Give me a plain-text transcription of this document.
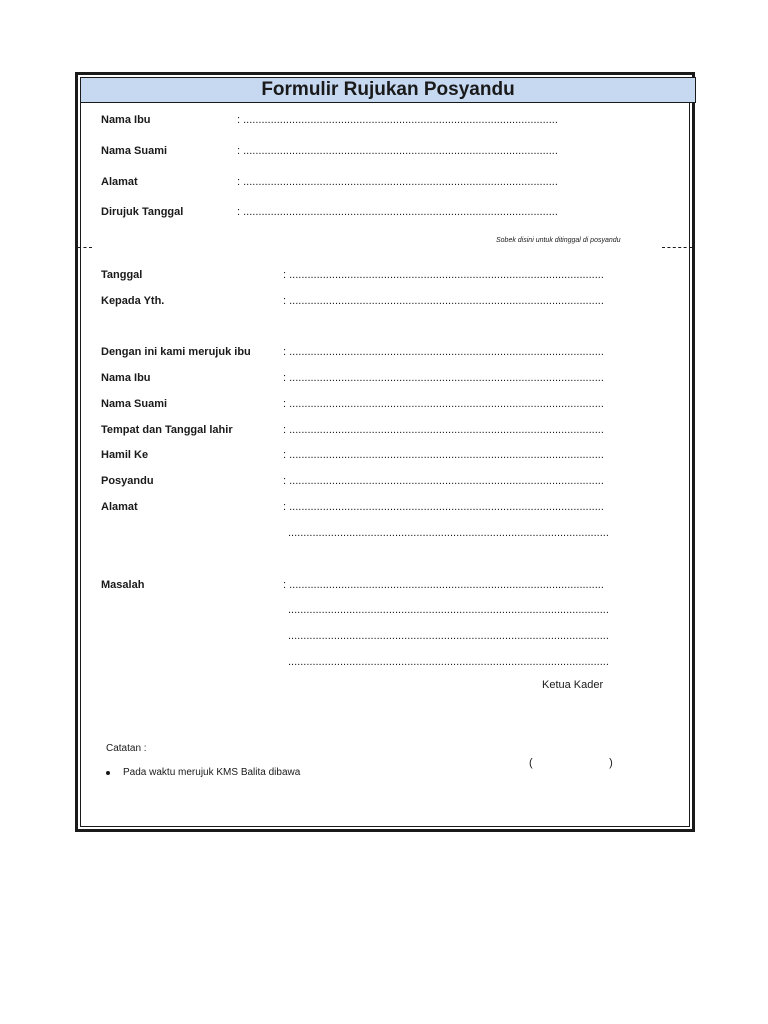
Formulir Rujukan Posyandu
Nama Ibu	: .......................................................................................................
Nama Suami	: .......................................................................................................
Alamat	: .......................................................................................................
Dirujuk Tanggal	: .......................................................................................................
Sobek disini untuk ditinggal di posyandu
Tanggal	: .......................................................................................................
Kepada Yth.	: .......................................................................................................
Dengan ini kami merujuk ibu	: .......................................................................................................
Nama Ibu	: .......................................................................................................
Nama Suami	: .......................................................................................................
Tempat dan Tanggal lahir	: .......................................................................................................
Hamil Ke	: .......................................................................................................
Posyandu	: .......................................................................................................
Alamat	: .......................................................................................................
.........................................................................................................
Masalah	: .......................................................................................................
.........................................................................................................
.........................................................................................................
.........................................................................................................
Ketua Kader
Catatan :
Pada waktu merujuk KMS Balita dibawa
(                         )
